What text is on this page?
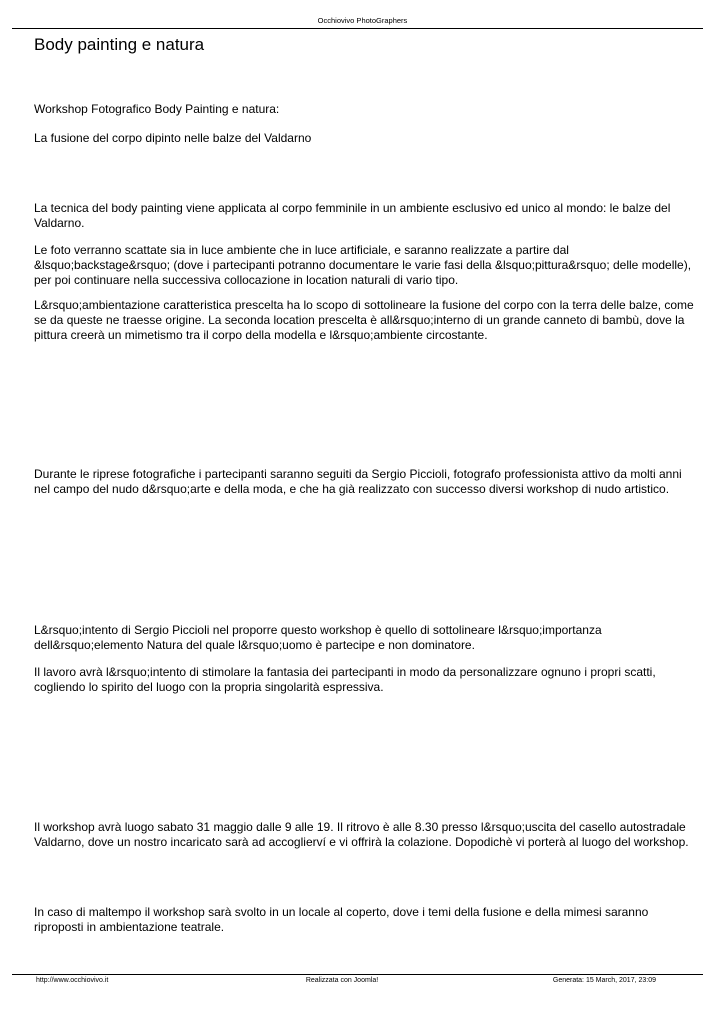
Occhiovivo PhotoGraphers
Body painting e natura

Workshop Fotografico Body Painting e natura:

La fusione del corpo dipinto nelle balze del Valdarno

La tecnica del body painting viene applicata al corpo femminile in un ambiente esclusivo ed unico al mondo: le balze del Valdarno.

Le foto verranno scattate sia in luce ambiente che in luce artificiale, e saranno realizzate a partire dal &lsquo;backstage&rsquo; (dove i partecipanti potranno documentare le varie fasi della &lsquo;pittura&rsquo; delle modelle), per poi continuare nella successiva collocazione in location naturali di vario tipo.

L&rsquo;ambientazione caratteristica prescelta ha lo scopo di sottolineare la fusione del corpo con la terra delle balze, come se da queste ne traesse origine. La seconda location prescelta è all&rsquo;interno di un grande canneto di bambù, dove la pittura creerà un mimetismo tra il corpo della modella e l&rsquo;ambiente circostante.

Durante le riprese fotografiche i partecipanti saranno seguiti da Sergio Piccioli, fotografo professionista attivo da molti anni nel campo del nudo d&rsquo;arte e della moda, e che ha già realizzato con successo diversi workshop di nudo artistico.

L&rsquo;intento di Sergio Piccioli nel proporre questo workshop è quello di sottolineare l&rsquo;importanza dell&rsquo;elemento Natura del quale l&rsquo;uomo è partecipe e non dominatore.

Il lavoro avrà l&rsquo;intento di stimolare la fantasia dei partecipanti in modo da personalizzare ognuno i propri scatti, cogliendo lo spirito del luogo con la propria singolarità espressiva.

Il workshop avrà luogo sabato 31 maggio dalle 9 alle 19. Il ritrovo è alle 8.30 presso l&rsquo;uscita del casello autostradale Valdarno, dove un nostro incaricato sarà ad accoglierví e vi offrirà la colazione. Dopodichè vi porterà al luogo del workshop.

In caso di maltempo il workshop sarà svolto in un locale al coperto, dove i temi della fusione e della mimesi saranno riproposti in ambientazione teatrale.

http://www.occhiovivo.it	Realizzata con Joomla!	Generata: 15 March, 2017, 23:09
